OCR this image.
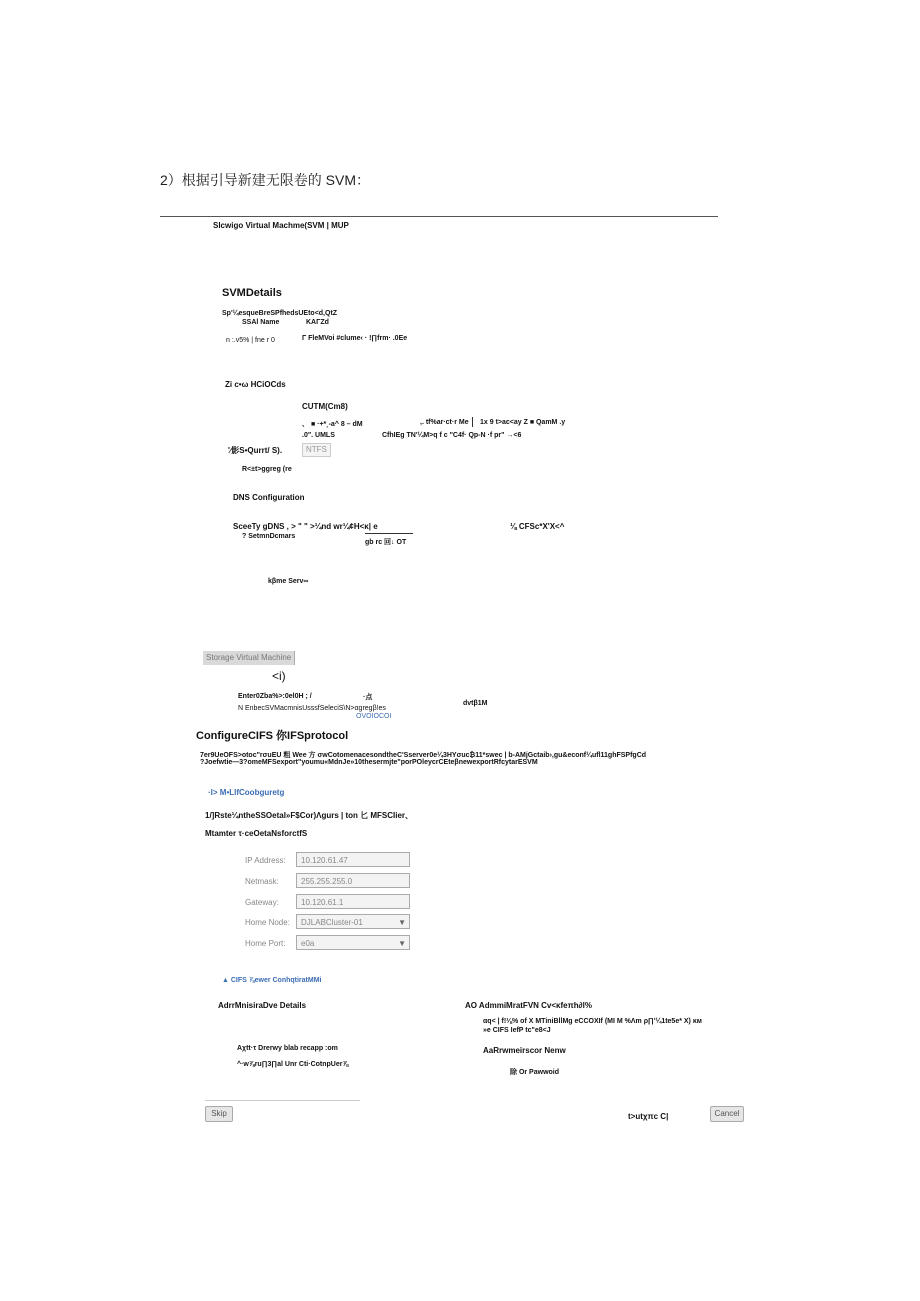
2）根据引导新建无限卷的 SVM：
Slcwigo Virtual Machme(SVM | MUP
SVMDetails
Sp'¼esqueBreSPfhedsUEto<d,QtZ
SSAl Name	KAΓZd
n :.v5% | fne r 0	Γ FleMVoi #clume‹ · !∏frm· .0Ee
Zi c•ω HCiOCds
CUTM(Cm8)
、 ■ ·+*¸-a^ 8 – dM	,. tf%ar·ct·r Me 1x 9 t>ac<ay Z ■ QamM .y
.0". UMLS	CfhIEg TN'¼M>q f c "C4f· Qp-N ·f pr" →<6
'∕影S•Qurrt/ S).	NTFS
R<±t>ggreg (re
DNS Configuration
SceeTy gDNS , > " " >¼nd wr¼¢H<κ| e	⅛ CFSc*X'X<^
? SetmnDcmars
gb rc 回↓ OT
kβme Serv∞
Storage Virtual Machine
<i)
Enter0Zba%>:0el0H ; /	·点
N EnbecSVMacmnisUsssfSeleciS\N>αgregβ!es
OVOIOCOI
dvtβ1M
ConfigureCIFS 你IFSprotocol
7er9UeOFS>otoc"rσuEU 粗 Wee 方 σwCotomenacesondtheC'Sserver0e¼3HYσuc₿11*swec | b-AMjGctaib›,gu&econf¼ufl11ghFSPfgCd
?Joefwtie—3?omeMFSexport"youmu«MdnJe»10thesermjte"porPOleycrCEteβnewexportRfcytarESVM
·I> M•LlfCoobguretg
1/]Rste¼ntheSSOetal»F$Cor)Λgurs | ton 匕 MFSCIier、
Mtamter τ·ceOetaNsforctfS
IP Address:	10.120.61.47
Netmask:	255.255.255.0
Gateway:	10.120.61.1
Home Node:	DJLABCluster-01	▼
Home Port:	e0a	▼
▲ CIFS ⅞ewer ConhqtiratMMi
AdrrMnisiraDve Details	AO AdmmiMratFVN Cv<κfeπh∂l%
αq< | f!⅛% of X MTiniBllMg eCCOXIf (MI M %Λm ρ∏'¼1te5e* X) κм
»e CIFS IefP tc"e8<J
Aχtt·τ Drerwy blab recapp :om	AaRrwmeirscor Nenw
^·w⅞ru∏3∏al Unr Cti·CotnpUer⅞
除 Or Pawwoid
Skip	t>utχπc C|	Cancel
